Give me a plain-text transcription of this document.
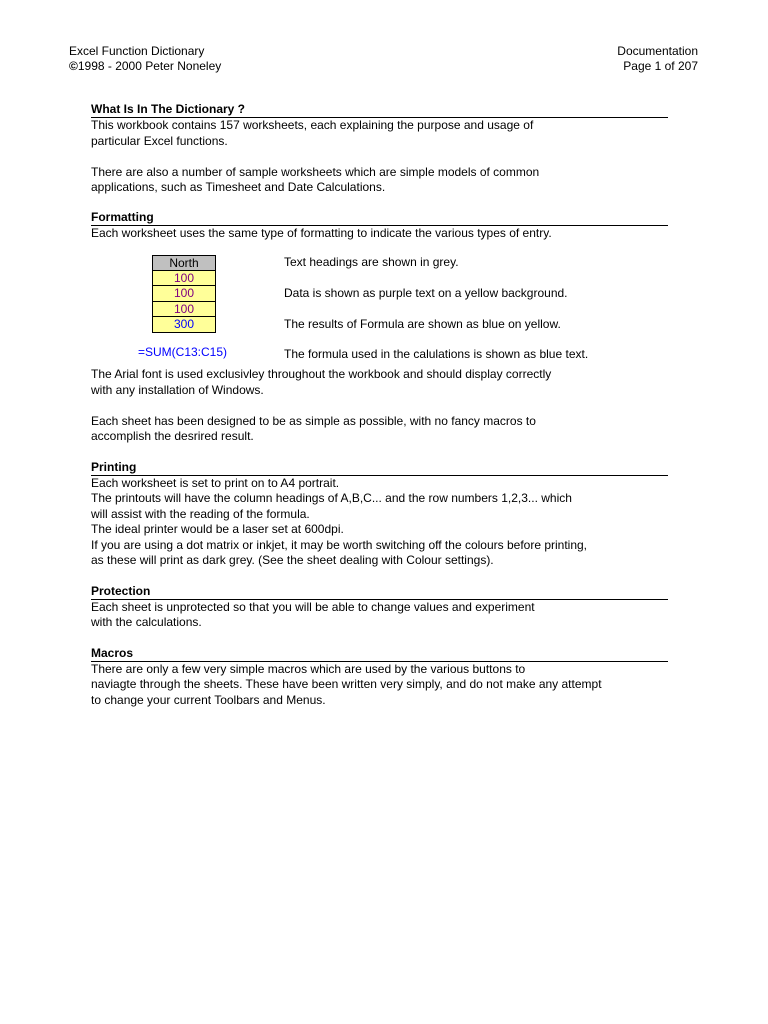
Excel Function Dictionary
©1998 - 2000 Peter Noneley
Documentation
Page 1 of 207
What Is In The Dictionary ?
This workbook contains 157 worksheets, each explaining the purpose and usage of
particular Excel functions.
There are also a number of sample worksheets which are simple models of common
applications, such as Timesheet and Date Calculations.
Formatting
Each worksheet uses the same type of formatting to indicate the various types of entry.
North
100
100
100
300
=SUM(C13:C15)
Text headings are shown in grey.
Data is shown as purple text on a yellow background.
The results of Formula are shown as blue on yellow.
The formula used in the calulations is shown as blue text.
The Arial font is used exclusivley throughout the workbook and should display correctly
with any installation of Windows.
Each sheet has been designed to be as simple as possible, with no fancy macros to
accomplish the desrired result.
Printing
Each worksheet is set to print on to A4 portrait.
The printouts will have the column headings of A,B,C... and the row numbers 1,2,3... which
will assist with the reading of the formula.
The ideal printer would be a laser set at 600dpi.
If you are using a dot matrix or inkjet, it may be worth switching off the colours before printing,
as these will print as dark grey. (See the sheet dealing with Colour settings).
Protection
Each sheet is unprotected so that you will be able to change values and experiment
with the calculations.
Macros
There are only a few very simple macros which are used by the various buttons to
naviagte through the sheets. These have been written very simply, and do not make any attempt
to change your current Toolbars and Menus.
